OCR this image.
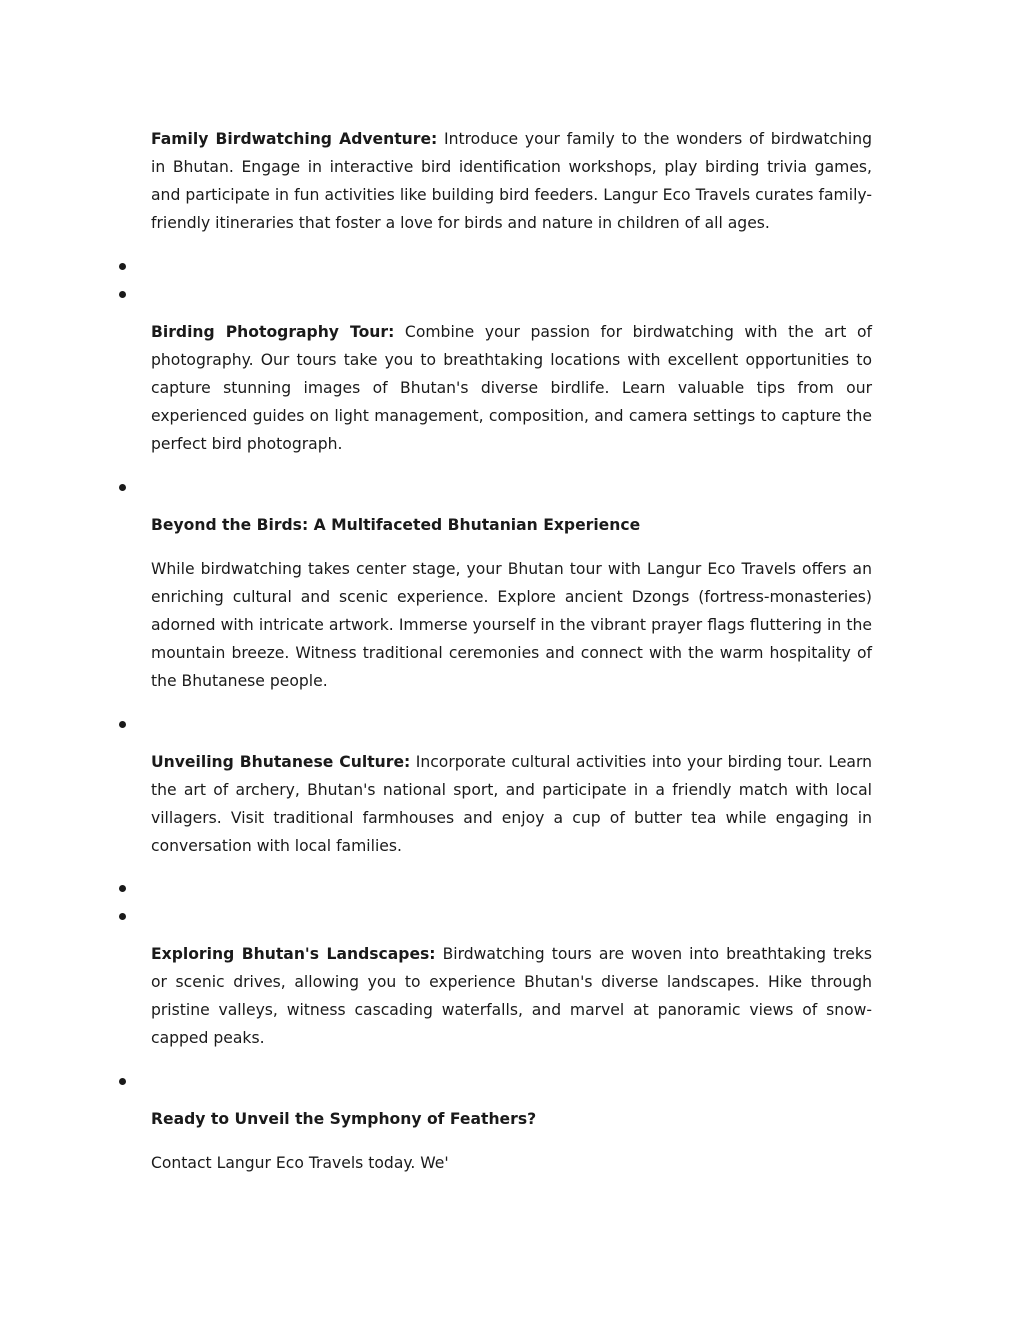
Family Birdwatching Adventure: Introduce your family to the wonders of birdwatching in Bhutan. Engage in interactive bird identification workshops, play birding trivia games, and participate in fun activities like building bird feeders. Langur Eco Travels curates family-friendly itineraries that foster a love for birds and nature in children of all ages.

Birding Photography Tour: Combine your passion for birdwatching with the art of photography. Our tours take you to breathtaking locations with excellent opportunities to capture stunning images of Bhutan's diverse birdlife. Learn valuable tips from our experienced guides on light management, composition, and camera settings to capture the perfect bird photograph.

Beyond the Birds: A Multifaceted Bhutanian Experience

While birdwatching takes center stage, your Bhutan tour with Langur Eco Travels offers an enriching cultural and scenic experience. Explore ancient Dzongs (fortress-monasteries) adorned with intricate artwork. Immerse yourself in the vibrant prayer flags fluttering in the mountain breeze. Witness traditional ceremonies and connect with the warm hospitality of the Bhutanese people.

Unveiling Bhutanese Culture: Incorporate cultural activities into your birding tour. Learn the art of archery, Bhutan's national sport, and participate in a friendly match with local villagers. Visit traditional farmhouses and enjoy a cup of butter tea while engaging in conversation with local families.

Exploring Bhutan's Landscapes: Birdwatching tours are woven into breathtaking treks or scenic drives, allowing you to experience Bhutan's diverse landscapes. Hike through pristine valleys, witness cascading waterfalls, and marvel at panoramic views of snow-capped peaks.

Ready to Unveil the Symphony of Feathers?

Contact Langur Eco Travels today. We'
